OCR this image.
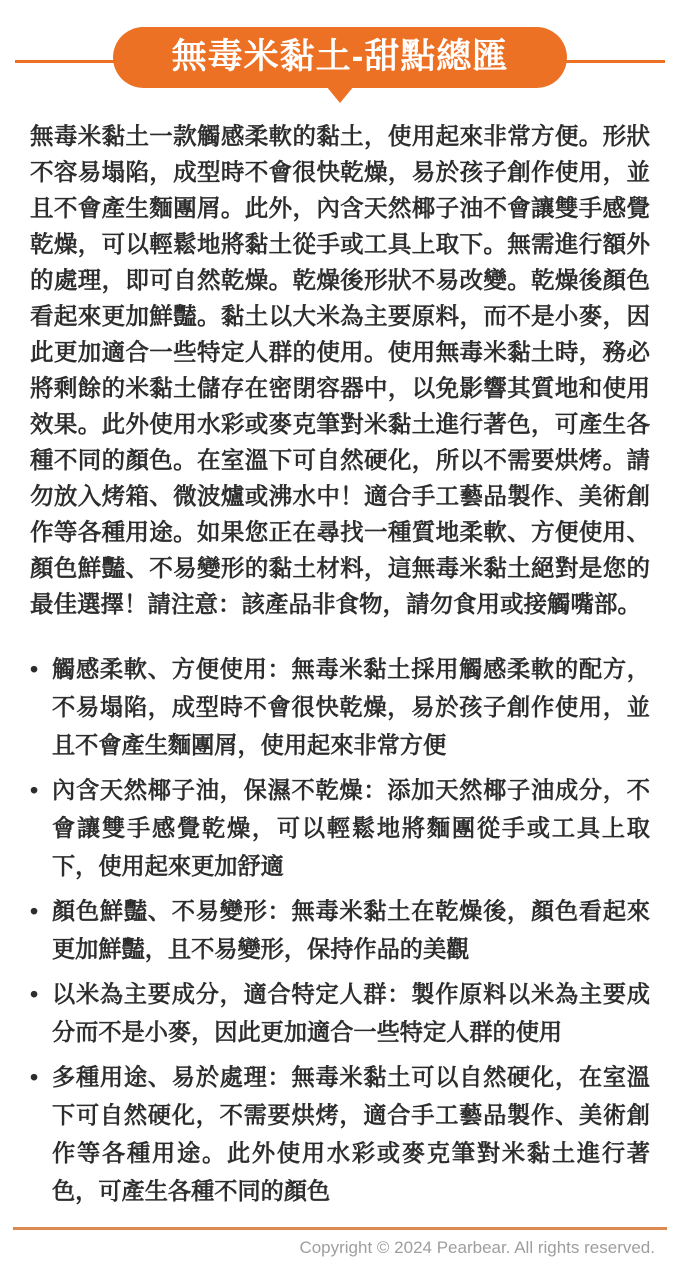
無毒米黏土-甜點總匯

無毒米黏土一款觸感柔軟的黏土，使用起來非常方便。形狀不容易塌陷，成型時不會很快乾燥，易於孩子創作使用，並且不會產生麵團屑。此外，內含天然椰子油不會讓雙手感覺乾燥，可以輕鬆地將黏土從手或工具上取下。無需進行額外的處理，即可自然乾燥。乾燥後形狀不易改變。乾燥後顏色看起來更加鮮豔。黏土以大米為主要原料，而不是小麥，因此更加適合一些特定人群的使用。使用無毒米黏土時，務必將剩餘的米黏土儲存在密閉容器中，以免影響其質地和使用效果。此外使用水彩或麥克筆對米黏土進行著色，可產生各種不同的顏色。在室溫下可自然硬化，所以不需要烘烤。請勿放入烤箱、微波爐或沸水中！適合手工藝品製作、美術創作等各種用途。如果您正在尋找一種質地柔軟、方便使用、顏色鮮豔、不易變形的黏土材料，這無毒米黏土絕對是您的最佳選擇！請注意：該產品非食物，請勿食用或接觸嘴部。

• 觸感柔軟、方便使用：無毒米黏土採用觸感柔軟的配方，不易塌陷，成型時不會很快乾燥，易於孩子創作使用，並且不會產生麵團屑，使用起來非常方便
• 內含天然椰子油，保濕不乾燥：添加天然椰子油成分，不會讓雙手感覺乾燥，可以輕鬆地將麵團從手或工具上取下，使用起來更加舒適
• 顏色鮮豔、不易變形：無毒米黏土在乾燥後，顏色看起來更加鮮豔，且不易變形，保持作品的美觀
• 以米為主要成分，適合特定人群：製作原料以米為主要成分而不是小麥，因此更加適合一些特定人群的使用
• 多種用途、易於處理：無毒米黏土可以自然硬化，在室溫下可自然硬化，不需要烘烤，適合手工藝品製作、美術創作等各種用途。此外使用水彩或麥克筆對米黏土進行著色，可產生各種不同的顏色
Copyright © 2024 Pearbear. All rights reserved.
